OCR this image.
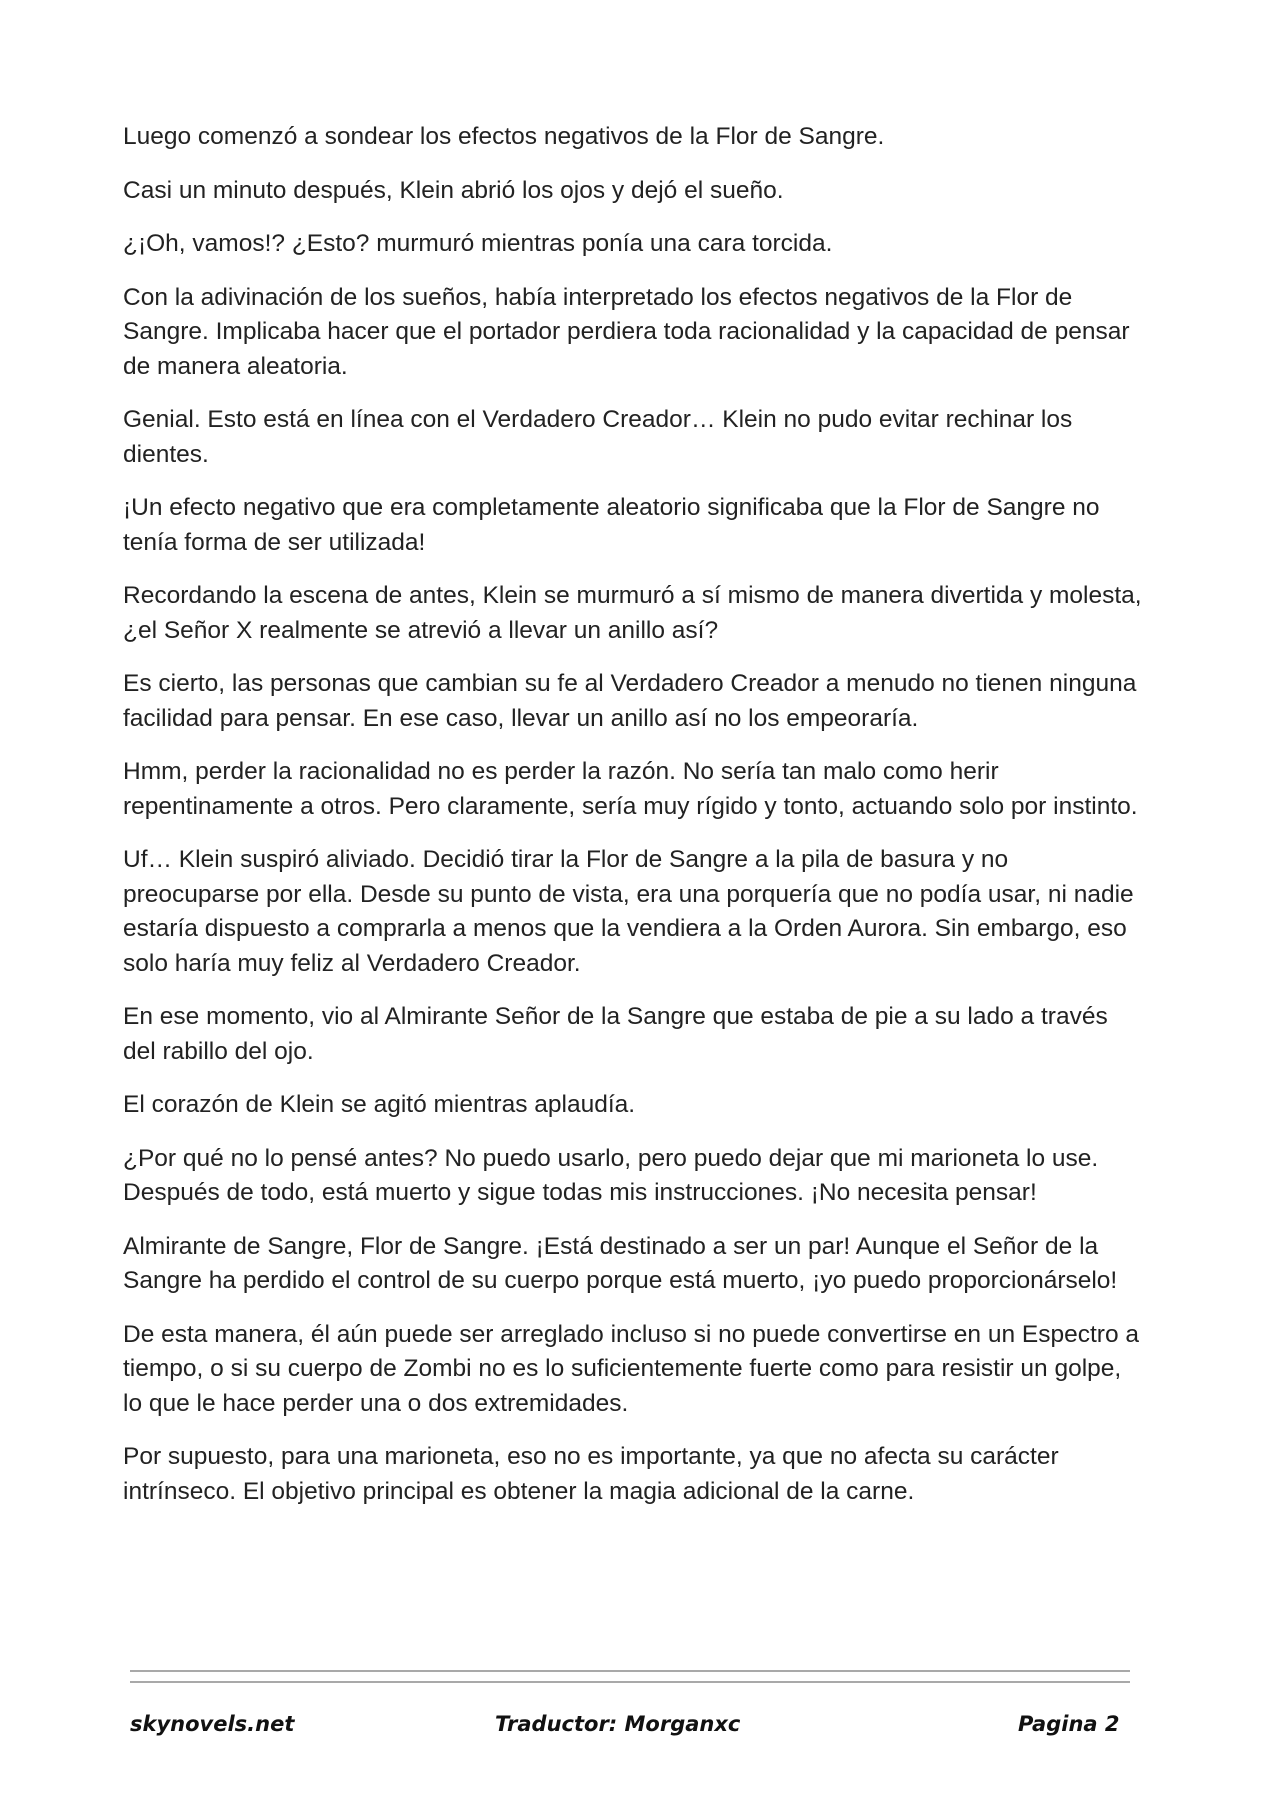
Luego comenzó a sondear los efectos negativos de la Flor de Sangre.

Casi un minuto después, Klein abrió los ojos y dejó el sueño.

¿¡Oh, vamos!? ¿Esto? murmuró mientras ponía una cara torcida.

Con la adivinación de los sueños, había interpretado los efectos negativos de la Flor de Sangre. Implicaba hacer que el portador perdiera toda racionalidad y la capacidad de pensar de manera aleatoria.

Genial. Esto está en línea con el Verdadero Creador… Klein no pudo evitar rechinar los dientes.

¡Un efecto negativo que era completamente aleatorio significaba que la Flor de Sangre no tenía forma de ser utilizada!

Recordando la escena de antes, Klein se murmuró a sí mismo de manera divertida y molesta, ¿el Señor X realmente se atrevió a llevar un anillo así?

Es cierto, las personas que cambian su fe al Verdadero Creador a menudo no tienen ninguna facilidad para pensar. En ese caso, llevar un anillo así no los empeoraría.

Hmm, perder la racionalidad no es perder la razón. No sería tan malo como herir repentinamente a otros. Pero claramente, sería muy rígido y tonto, actuando solo por instinto.

Uf… Klein suspiró aliviado. Decidió tirar la Flor de Sangre a la pila de basura y no preocuparse por ella. Desde su punto de vista, era una porquería que no podía usar, ni nadie estaría dispuesto a comprarla a menos que la vendiera a la Orden Aurora. Sin embargo, eso solo haría muy feliz al Verdadero Creador.

En ese momento, vio al Almirante Señor de la Sangre que estaba de pie a su lado a través del rabillo del ojo.

El corazón de Klein se agitó mientras aplaudía.

¿Por qué no lo pensé antes? No puedo usarlo, pero puedo dejar que mi marioneta lo use. Después de todo, está muerto y sigue todas mis instrucciones. ¡No necesita pensar!

Almirante de Sangre, Flor de Sangre. ¡Está destinado a ser un par! Aunque el Señor de la Sangre ha perdido el control de su cuerpo porque está muerto, ¡yo puedo proporcionárselo!

De esta manera, él aún puede ser arreglado incluso si no puede convertirse en un Espectro a tiempo, o si su cuerpo de Zombi no es lo suficientemente fuerte como para resistir un golpe, lo que le hace perder una o dos extremidades.

Por supuesto, para una marioneta, eso no es importante, ya que no afecta su carácter intrínseco. El objetivo principal es obtener la magia adicional de la carne.

skynovels.net	Traductor: Morganxc	Pagina 2
